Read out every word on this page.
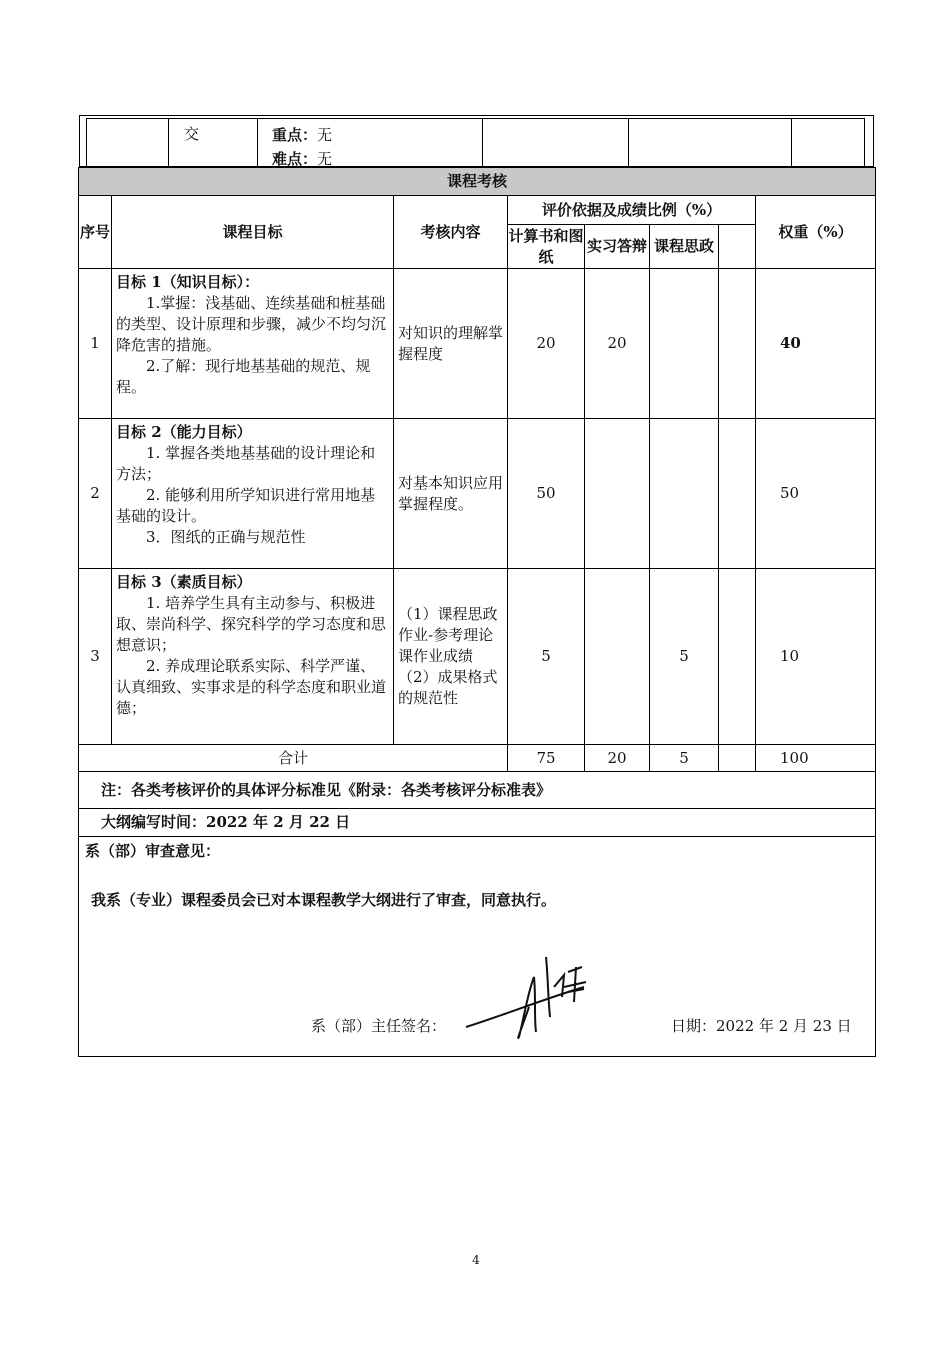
交	重点：无
难点：无
课程考核							
序号	课程目标	考核内容	评价依据及成绩比例（%）				权重（%）
			计算书和图纸	实习答辩	课程思政		
1	目标 1（知识目标）：

1.掌握：浅基础、连续基础和桩基础的类型、设计原理和步骤，减少不均匀沉降危害的措施。

2.了解：现行地基基础的规范、规程。	对知识的理解掌握程度	20	20			40
2	目标 2（能力目标）

1. 掌握各类地基基础的设计理论和方法；

2. 能够利用所学知识进行常用地基基础的设计。

3．图纸的正确与规范性	对基本知识应用掌握程度。	50				50
3	目标 3（素质目标）

1. 培养学生具有主动参与、积极进取、崇尚科学、探究科学的学习态度和思想意识；

2. 养成理论联系实际、科学严谨、认真细致、实事求是的科学态度和职业道德；	（1）课程思政作业-参考理论课作业成绩（2）成果格式的规范性	5		5		10
合计			75	20	5		100
注：各类考核评价的具体评分标准见《附录：各类考核评分标准表》							
大纲编写时间：2022 年 2 月 22 日							

系（部）审查意见：
我系（专业）课程委员会已对本课程教学大纲进行了审查，同意执行。
系（部）主任签名： 日期：2022 年 2 月 23 日							
4
